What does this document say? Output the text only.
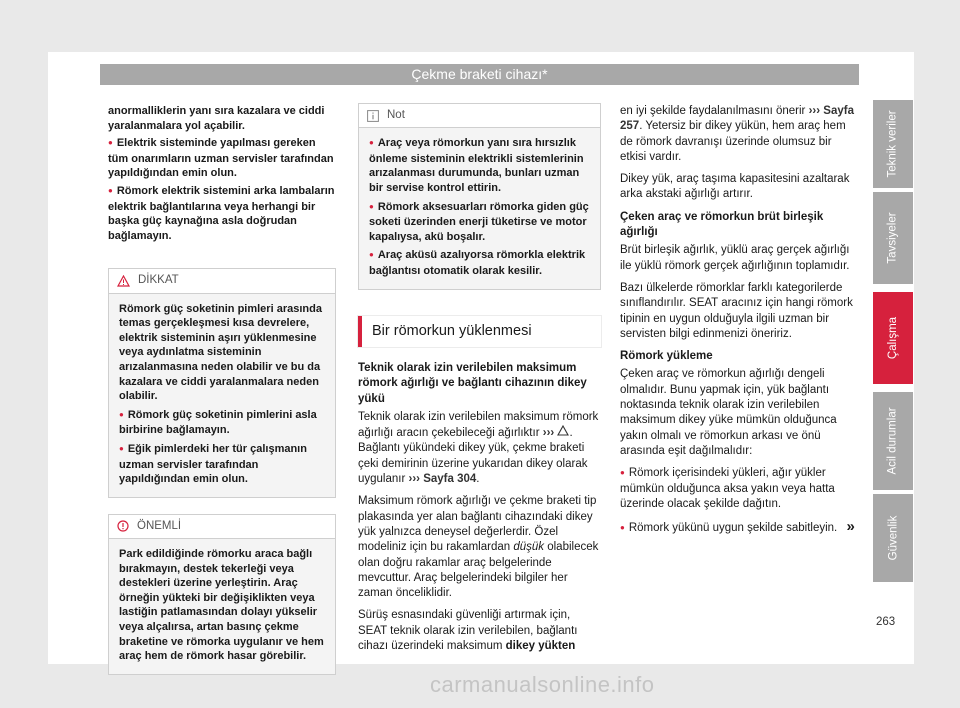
Çekme braketi cihazı*

anormalliklerin yanı sıra kazalara ve ciddi yaralanmalara yol açabilir.

● Elektrik sisteminde yapılması gereken tüm onarımların uzman servisler tarafından yapıldığından emin olun.

● Römork elektrik sistemini arka lambaların elektrik bağlantılarına veya herhangi bir başka güç kaynağına asla doğrudan bağlamayın.

DİKKAT

Römork güç soketinin pimleri arasında temas gerçekleşmesi kısa devrelere, elektrik sisteminin aşırı yüklenmesine veya aydınlatma sisteminin arızalanmasına neden olabilir ve bu da kazalara ve ciddi yaralanmalara neden olabilir.

● Römork güç soketinin pimlerini asla birbirine bağlamayın.

● Eğik pimlerdeki her tür çalışmanın uzman servisler tarafından yapıldığından emin olun.

ÖNEMLİ

Park edildiğinde römorku araca bağlı bırakmayın, destek tekerleği veya destekleri üzerine yerleştirin. Araç örneğin yükteki bir değişiklikten veya lastiğin patlamasından dolayı yükselir veya alçalırsa, artan basınç çekme braketine ve römorka uygulanır ve hem araç hem de römork hasar görebilir.

Not

● Araç veya römorkun yanı sıra hırsızlık önleme sisteminin elektrikli sistemlerinin arızalanması durumunda, bunları uzman bir servise kontrol ettirin.

● Römork aksesuarları römorka giden güç soketi üzerinden enerji tüketirse ve motor kapalıysa, akü boşalır.

● Araç aküsü azalıyorsa römorkla elektrik bağlantısı otomatik olarak kesilir.

Bir römorkun yüklenmesi

Teknik olarak izin verilebilen maksimum römork ağırlığı ve bağlantı cihazının dikey yükü

Teknik olarak izin verilebilen maksimum römork ağırlığı aracın çekebileceği ağırlıktır ››› . Bağlantı yükündeki dikey yük, çekme braketi çeki demirinin üzerine yukarıdan dikey olarak uygulanır ››› Sayfa 304.

Maksimum römork ağırlığı ve çekme braketi tip plakasında yer alan bağlantı cihazındaki dikey yük yalnızca deneysel değerlerdir. Özel modeliniz için bu rakamlardan düşük olabilecek olan doğru rakamlar araç belgelerinde mevcuttur. Araç belgelerindeki bilgiler her zaman önceliklidir.

Sürüş esnasındaki güvenliği artırmak için, SEAT teknik olarak izin verilebilen, bağlantı cihazı üzerindeki maksimum dikey yükten

en iyi şekilde faydalanılmasını önerir ››› Sayfa 257. Yetersiz bir dikey yükün, hem araç hem de römork davranışı üzerinde olumsuz bir etkisi vardır.

Dikey yük, araç taşıma kapasitesini azaltarak arka akstaki ağırlığı artırır.

Çeken araç ve römorkun brüt birleşik ağırlığı

Brüt birleşik ağırlık, yüklü araç gerçek ağırlığı ile yüklü römork gerçek ağırlığının toplamıdır.

Bazı ülkelerde römorklar farklı kategorilerde sınıflandırılır. SEAT aracınız için hangi römork tipinin en uygun olduğuyla ilgili uzman bir servisten bilgi edinmenizi öneririz.

Römork yükleme

Çeken araç ve römorkun ağırlığı dengeli olmalıdır. Bunu yapmak için, yük bağlantı noktasında teknik olarak izin verilebilen maksimum dikey yüke mümkün olduğunca yakın olmalı ve römorkun arkası ve önü arasında eşit dağılmalıdır:

● Römork içerisindeki yükleri, ağır yükler mümkün olduğunca aksa yakın veya hatta üzerinde olacak şekilde dağıtın.

● Römork yükünü uygun şekilde sabitleyin. »

Teknik veriler
Tavsiyeler
Çalışma
Acil durumlar
Güvenlik
263
carmanualsonline.info
